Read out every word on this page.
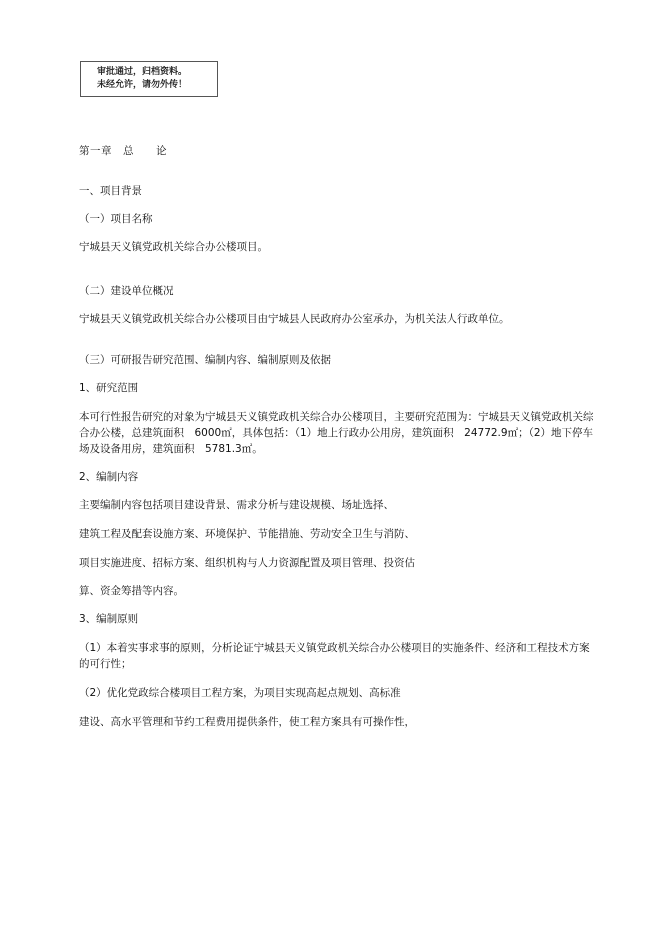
审批通过，归档资料。
未经允许，请勿外传！
第一章　总　　论
一、项目背景
（一）项目名称
宁城县天义镇党政机关综合办公楼项目。
（二）建设单位概况
宁城县天义镇党政机关综合办公楼项目由宁城县人民政府办公室承办，为机关法人行政单位。
（三）可研报告研究范围、编制内容、编制原则及依据
1、研究范围
本可行性报告研究的对象为宁城县天义镇党政机关综合办公楼项目，主要研究范围为：宁城县天义镇党政机关综合办公楼，总建筑面积　6000㎡，具体包括：（1）地上行政办公用房，建筑面积　24772.9㎡；（2）地下停车场及设备用房，建筑面积　5781.3㎡。
2、编制内容
主要编制内容包括项目建设背景、需求分析与建设规模、场址选择、
建筑工程及配套设施方案、环境保护、节能措施、劳动安全卫生与消防、
项目实施进度、招标方案、组织机构与人力资源配置及项目管理、投资估
算、资金筹措等内容。
3、编制原则
（1）本着实事求事的原则，分析论证宁城县天义镇党政机关综合办公楼项目的实施条件、经济和工程技术方案的可行性；
（2）优化党政综合楼项目工程方案，为项目实现高起点规划、高标准
建设、高水平管理和节约工程费用提供条件，使工程方案具有可操作性，
